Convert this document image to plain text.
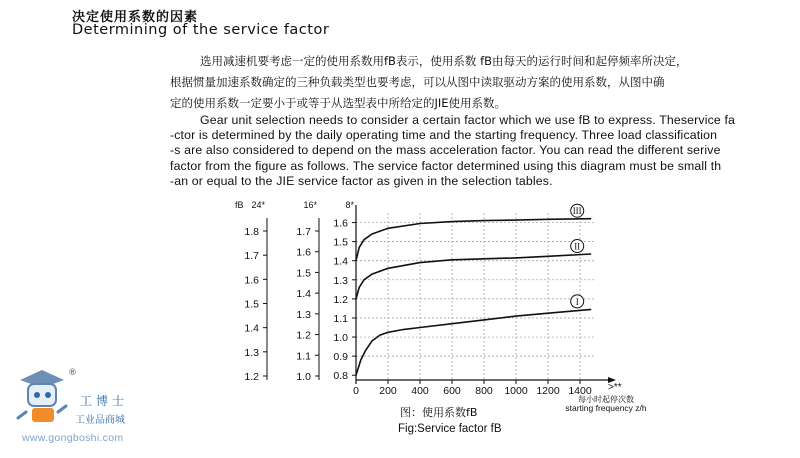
决定使用系数的因素
Determining of the service factor
选用减速机要考虑一定的使用系数用fB表示，使用系数 fB由每天的运行时间和起停频率所决定，
根据惯量加速系数确定的三种负载类型也要考虑，可以从图中读取驱动方案的使用系数，从图中确
定的使用系数一定要小于或等于从选型表中所给定的JIE使用系数。
Gear unit selection needs to consider a certain factor which we use fB to express. Theservice fa
-ctor is determined by the daily operating time and the starting frequency. Three load classification
-s are also considered to depend on the mass acceleration factor. You can read the different serive
factor from the figure as follows. The service factor determined using this diagram must be small th
-an or equal to the JIE service factor as given in the selection tables.
0 200 400 600 800 1000 1200 1400 >**
每小时起停次数
starting frequency z/h
1.8
1.7
1.6
1.5
1.4
1.3
1.2
24*
1.7
1.6
1.5
1.4
1.3
1.2
1.1
1.0
16*
1.6
1.5
1.4
1.3
1.2
1.1
1.0
0.9
0.8
8*
fB
III
II
I
图：使用系数fB
Fig:Service factor fB
®
工博士
工业品商城
www.gongboshi.com
